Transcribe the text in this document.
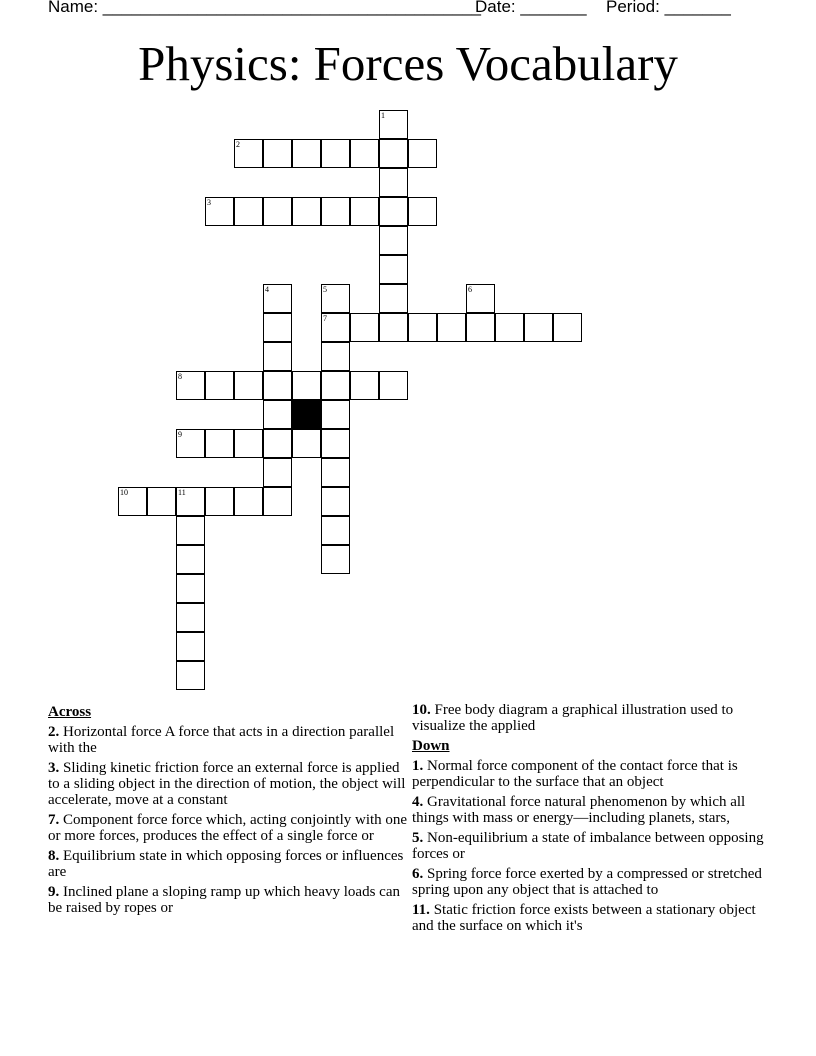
Name: ________________________________________
Date: _______ Period: _______
Physics: Forces Vocabulary
1
2
3
4	5
7
6
8
9
10	11
Across
2. Horizontal force A force that acts in a direction parallel with the
3. Sliding kinetic friction force an external force is applied to a sliding object in the direction of motion, the object will accelerate, move at a constant
7. Component force force which, acting conjointly with one or more forces, produces the effect of a single force or
8. Equilibrium state in which opposing forces or influences are
9. Inclined plane a sloping ramp up which heavy loads can be raised by ropes or
10. Free body diagram a graphical illustration used to visualize the applied
Down
1. Normal force component of the contact force that is perpendicular to the surface that an object
4. Gravitational force natural phenomenon by which all things with mass or energy—including planets, stars,
5. Non-equilibrium a state of imbalance between opposing forces or
6. Spring force force exerted by a compressed or stretched spring upon any object that is attached to
11. Static friction force exists between a stationary object and the surface on which it's
